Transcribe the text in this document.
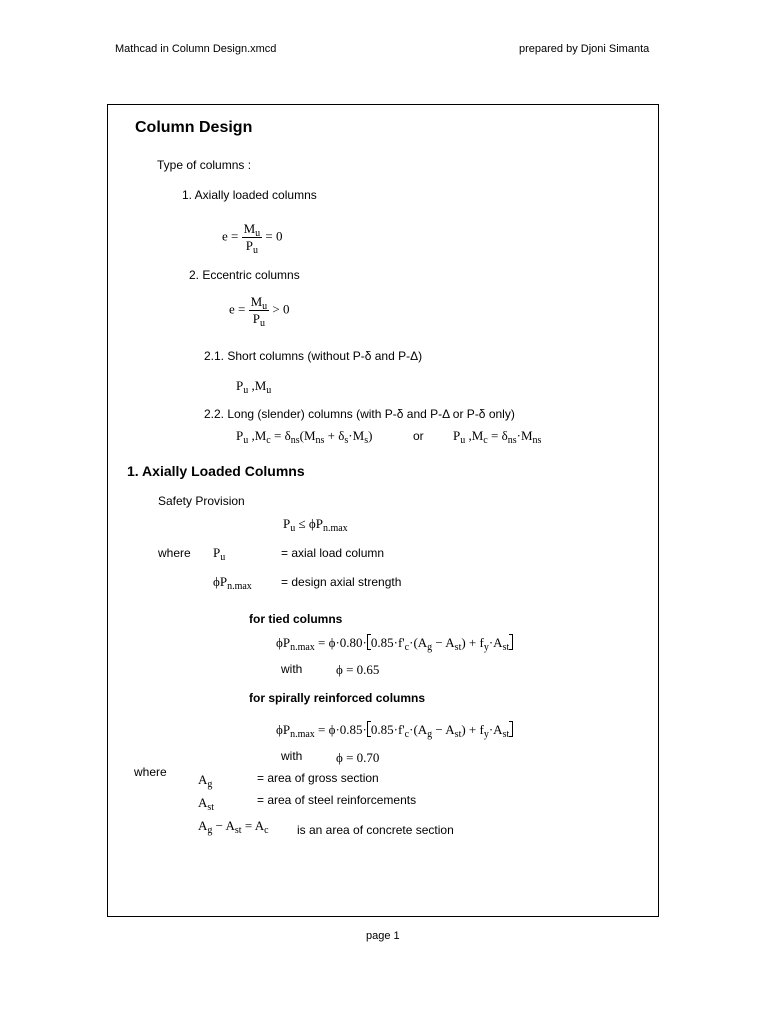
Mathcad in Column Design.xmcd	prepared by Djoni Simanta
Column Design
Type of columns :
1. Axially loaded columns
$e = \frac{M_u}{P_u} = 0$
2. Eccentric columns
$e = \frac{M_u}{P_u} > 0$
2.1. Short columns (without P-δ and P-Δ)
$P_u$ $,M_u$
2.2. Long (slender) columns (with P-δ and P-Δ or P-δ only)
$P_u$ $,M_c = \delta_{ns}(M_{ns} + \delta_s\cdot M_s)$	or $P_u$ $,M_c = \delta_{ns}\cdot M_{ns}$
1. Axially Loaded Columns
Safety Provision
$P_u \le \phi P_{n.max}$
where $P_u$	= axial load column
$\phi P_{n.max}$ = design axial strength
for tied columns
$\phi P_{n.max} = \phi\cdot 0.80\cdot 0.85\cdot f'_c\cdot(A_g - A_{st}) + f_y\cdot A_{st}$
with	ϕ = 0.65
for spirally reinforced columns
$\phi P_{n.max} = \phi\cdot 0.85\cdot 0.85\cdot f'_c\cdot(A_g - A_{st}) + f_y\cdot A_{st}$
with	ϕ = 0.70
where $A_g$	= area of gross section
$A_{st}$
= area of steel reinforcements
$A_g - A_{st} = A_c$ is an area of concrete section
page 1
